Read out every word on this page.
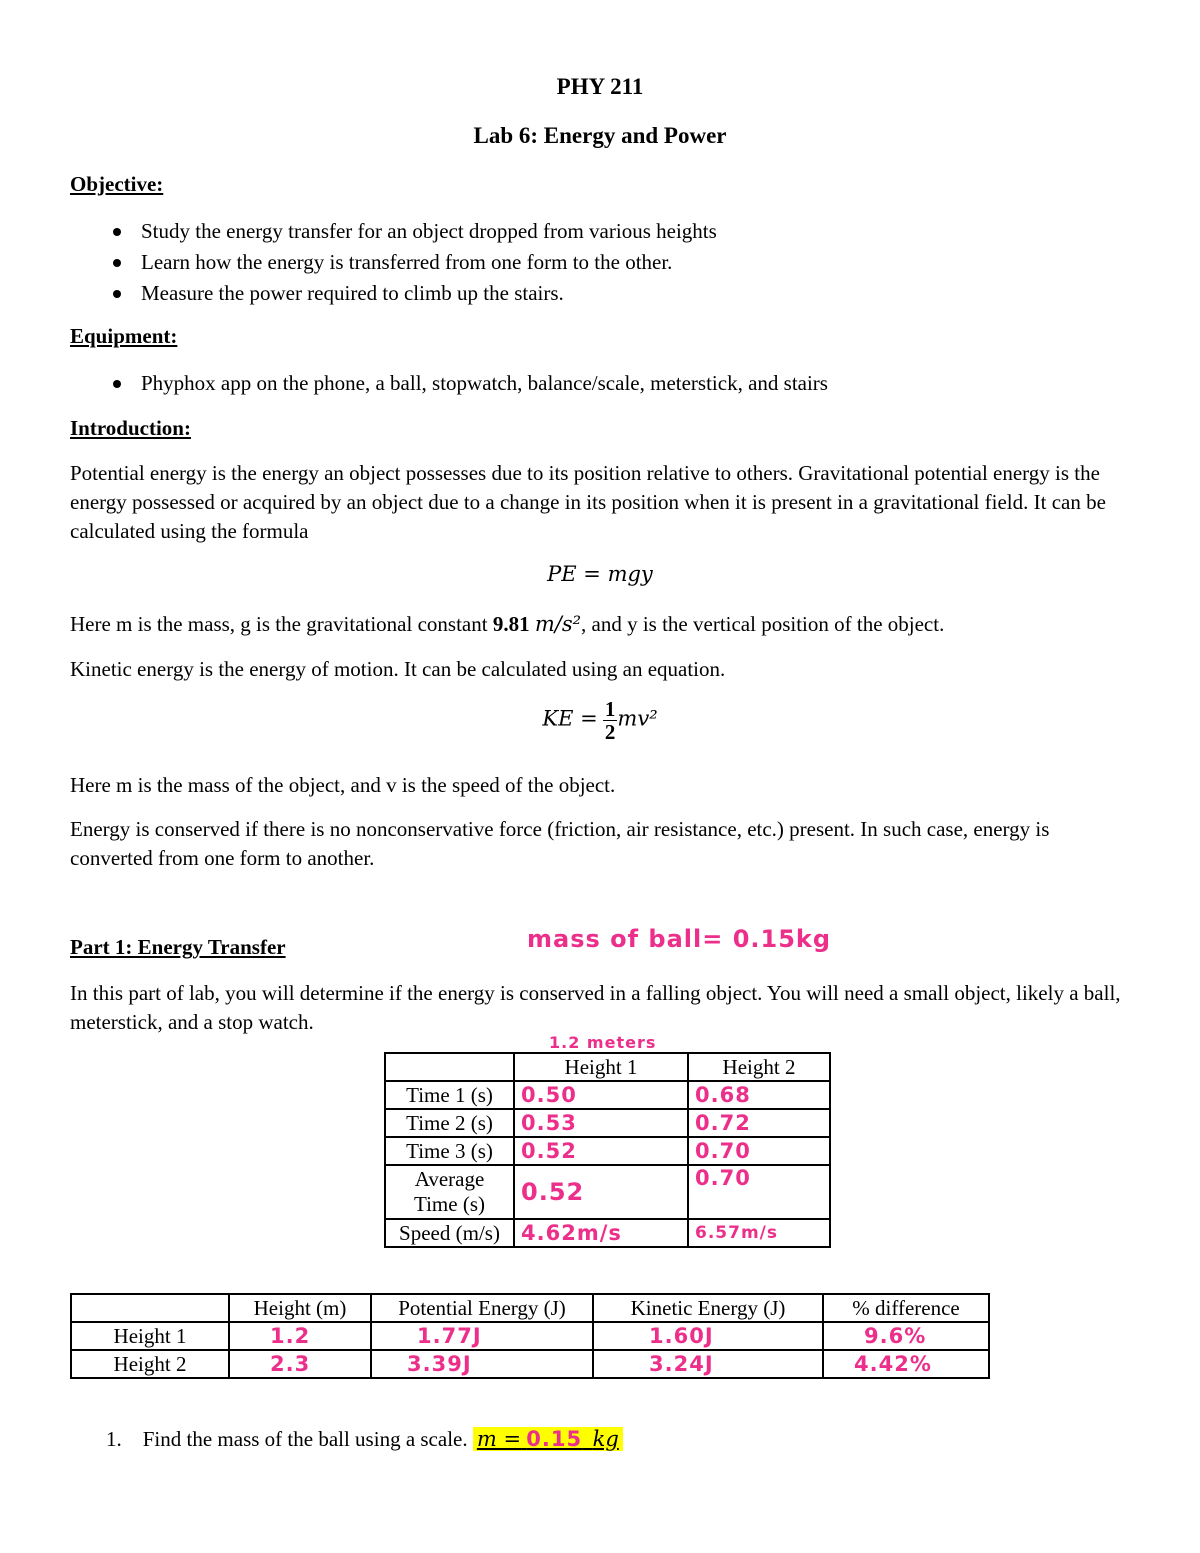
PHY 211
Lab 6: Energy and Power
Objective:
Study the energy transfer for an object dropped from various heights
Learn how the energy is transferred from one form to the other.
Measure the power required to climb up the stairs.
Equipment:
Phyphox app on the phone, a ball, stopwatch, balance/scale, meterstick, and stairs
Introduction:
Potential energy is the energy an object possesses due to its position relative to others. Gravitational potential energy is the energy possessed or acquired by an object due to a change in its position when it is present in a gravitational field. It can be calculated using the formula
PE = mgy
Here m is the mass, g is the gravitational constant 9.81 m/s², and y is the vertical position of the object.
Kinetic energy is the energy of motion. It can be calculated using an equation.
KE = $\frac{1}{2} mv^2$
Here m is the mass of the object, and v is the speed of the object.
Energy is conserved if there is no nonconservative force (friction, air resistance, etc.) present. In such case, energy is converted from one form to another.
Part 1: Energy Transfer	mass of ball= 0.15kg
In this part of lab, you will determine if the energy is conserved in a falling object. You will need a small object, likely a ball, meterstick, and a stop watch.
1.2 meters
	Height 1	Height 2
Time 1 (s)	0.50	0.68
Time 2 (s)	0.53	0.72
Time 3 (s)	0.52	0.70
Average Time (s)	0.52	0.70
Speed (m/s)	4.62m/s	6.57m/s
	Height (m)	Potential Energy (J)	Kinetic Energy (J)	% difference
Height 1	1.2	1.77J	1.60J	9.6%
Height 2	2.3	3.39J	3.24J	4.42%
1. Find the mass of the ball using a scale. m = 0.15 kg
